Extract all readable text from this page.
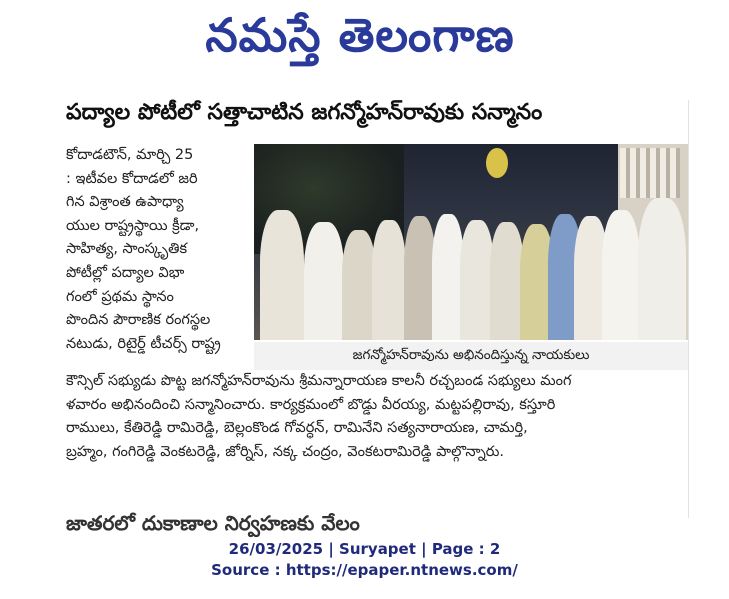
నమస్తే తెలంగాణ
పద్యాల పోటీలో సత్తాచాటిన జగన్మోహన్‌రావుకు సన్మానం

కోదాడటౌన్, మార్చి 25

: ఇటీవల కోదాడలో జరి

గిన విశ్రాంత ఉపాధ్యా

యుల రాష్ట్రస్థాయి క్రీడా,

సాహిత్య, సాంస్కృతిక

పోటీల్లో పద్యాల విభా

గంలో ప్రథమ స్థానం

పొందిన పౌరాణిక రంగస్థల

నటుడు, రిటైర్డ్ టీచర్స్ రాష్ట్ర

జగన్మోహన్‌రావును అభినందిస్తున్న నాయకులు
కౌన్సిల్ సభ్యుడు పొట్ట జగన్మోహన్‌రావును శ్రీమన్నారాయణ కాలనీ రచ్చబండ సభ్యులు మంగ
ళవారం అభినందించి సన్మానించారు. కార్యక్రమంలో బొడ్డు వీరయ్య, మట్టపల్లిరావు, కస్తూరి
రాములు, కేతిరెడ్డి రామిరెడ్డి, బెల్లంకొండ గోవర్ధన్, రామినేని సత్యనారాయణ, చామర్తి,
బ్రహ్మం, గంగిరెడ్డి వెంకటరెడ్డి, జోర్నిస్, నక్క చంద్రం, వెంకటరామిరెడ్డి పాల్గొన్నారు.
జాతరలో దుకాణాల నిర్వహణకు వేలం
26/03/2025 | Suryapet | Page : 2
Source : https://epaper.ntnews.com/
